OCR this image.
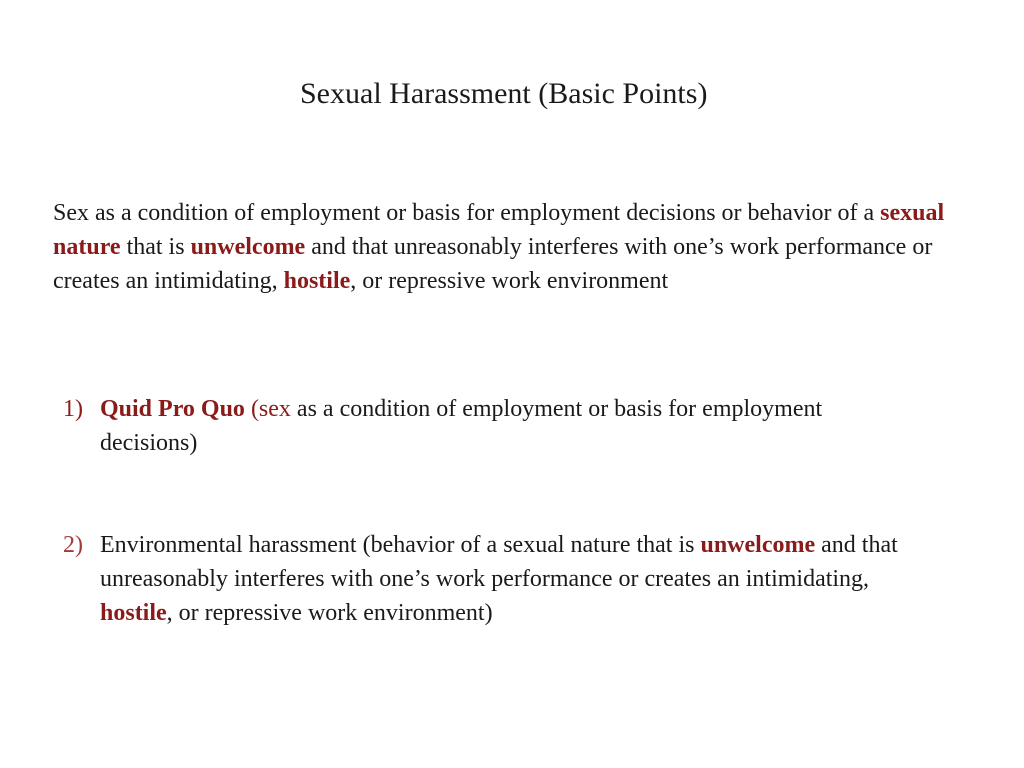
Sexual Harassment (Basic Points)
Sex as a condition of employment or basis for employment decisions or behavior of a sexual nature that is unwelcome and that unreasonably interferes with one’s work performance or creates an intimidating, hostile, or repressive work environment
1) Quid Pro Quo (sex as a condition of employment or basis for employment decisions)
2) Environmental harassment (behavior of a sexual nature that is unwelcome and that unreasonably interferes with one’s work performance or creates an intimidating, hostile, or repressive work environment)
